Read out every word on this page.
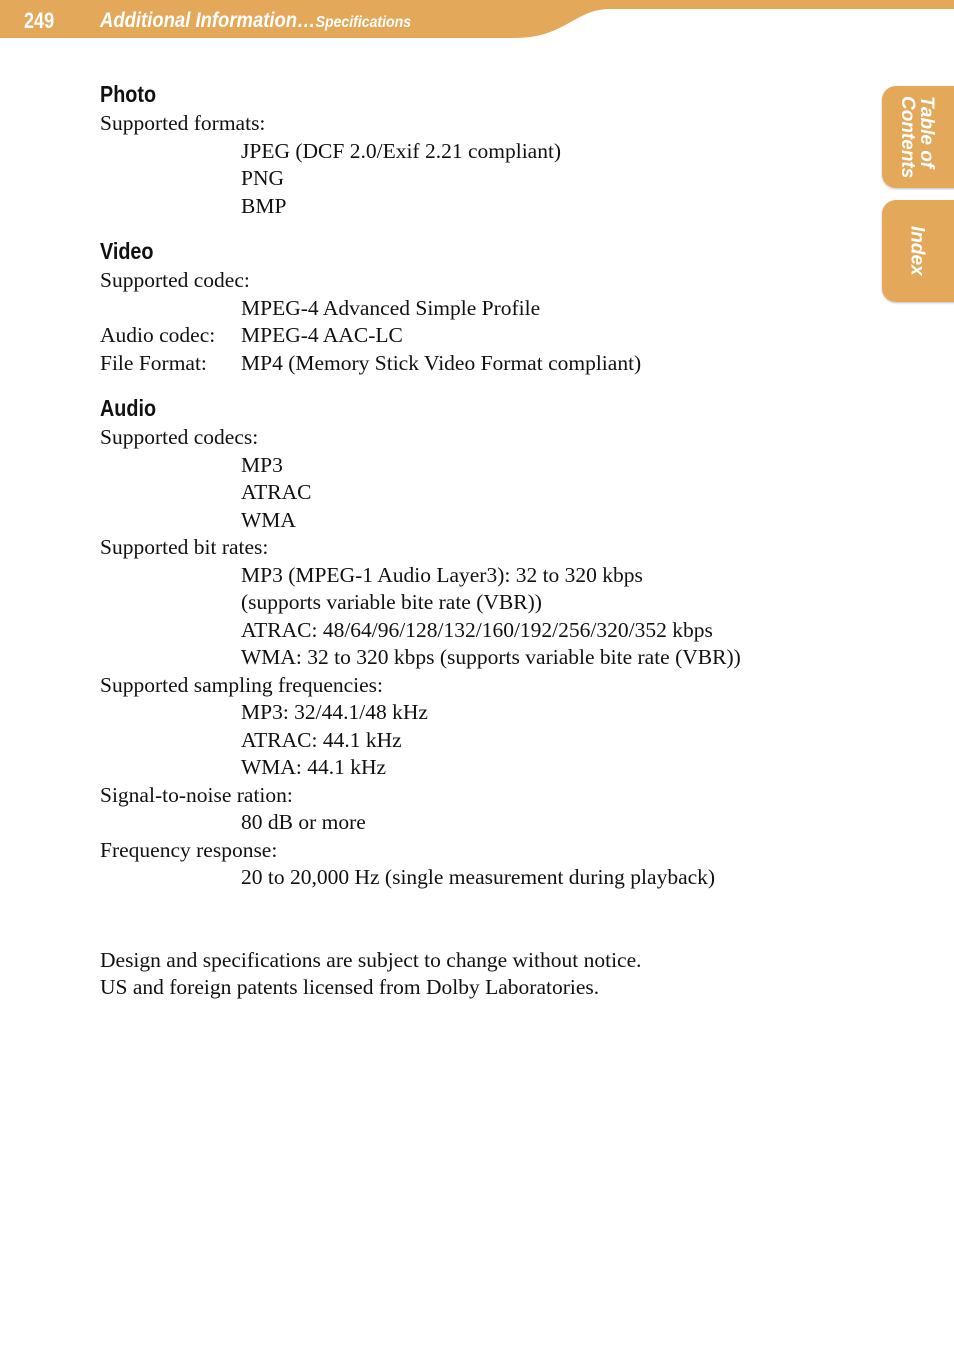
249 Additional Information…Specifications
Table of
Contents
Index
Photo
Supported formats:
JPEG (DCF 2.0/Exif 2.21 compliant)
PNG
BMP
Video
Supported codec:
MPEG-4 Advanced Simple Profile
Audio codec: MPEG-4 AAC-LC
File Format: MP4 (Memory Stick Video Format compliant)
Audio
Supported codecs:
MP3
ATRAC
WMA
Supported bit rates:
MP3 (MPEG-1 Audio Layer3): 32 to 320 kbps
(supports variable bite rate (VBR))
ATRAC: 48/64/96/128/132/160/192/256/320/352 kbps
WMA: 32 to 320 kbps (supports variable bite rate (VBR))
Supported sampling frequencies:
MP3: 32/44.1/48 kHz
ATRAC: 44.1 kHz
WMA: 44.1 kHz
Signal-to-noise ration:
80 dB or more
Frequency response:
20 to 20,000 Hz (single measurement during playback)
Design and specifications are subject to change without notice.
US and foreign patents licensed from Dolby Laboratories.
